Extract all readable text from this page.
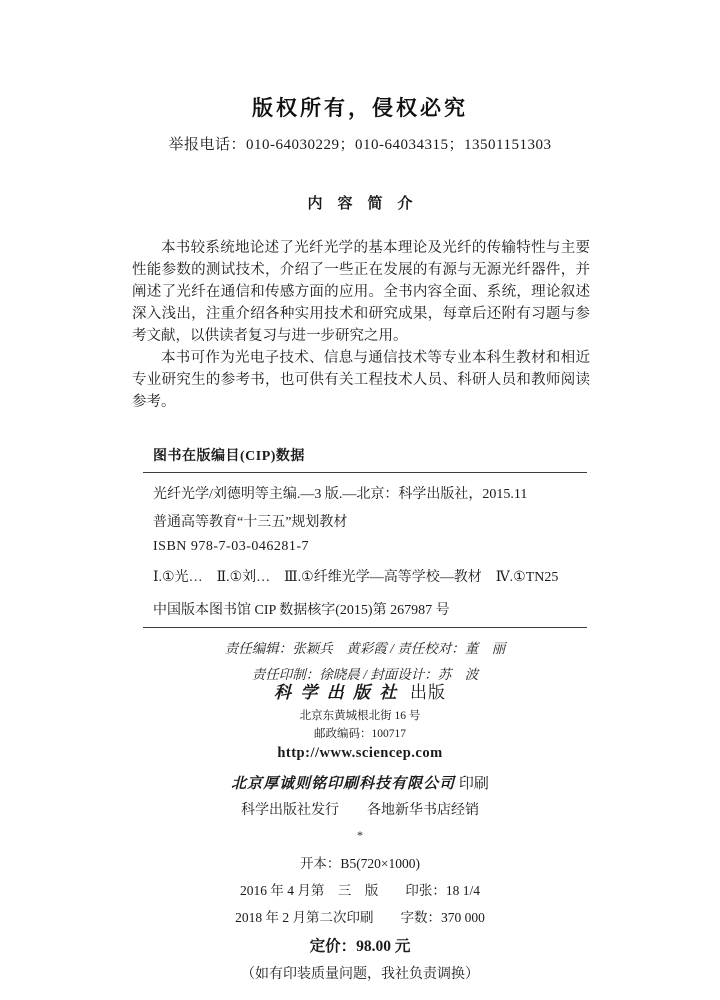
版权所有，侵权必究
举报电话：010-64030229；010-64034315；13501151303
内　容　简　介

本书较系统地论述了光纤光学的基本理论及光纤的传输特性与主要性能参数的测试技术，介绍了一些正在发展的有源与无源光纤器件，并阐述了光纤在通信和传感方面的应用。全书内容全面、系统，理论叙述深入浅出，注重介绍各种实用技术和研究成果，每章后还附有习题与参考文献，以供读者复习与进一步研究之用。

本书可作为光电子技术、信息与通信技术等专业本科生教材和相近专业研究生的参考书，也可供有关工程技术人员、科研人员和教师阅读参考。

图书在版编目(CIP)数据
光纤光学/刘德明等主编.—3 版.—北京：科学出版社，2015.11
普通高等教育“十三五”规划教材
ISBN 978-7-03-046281-7
Ⅰ.①光…　Ⅱ.①刘…　Ⅲ.①纤维光学—高等学校—教材　Ⅳ.①TN25
中国版本图书馆 CIP 数据核字(2015)第 267987 号
责任编辑：张颖兵　黄彩霞 / 责任校对：董　丽
责任印制：徐晓晨 / 封面设计：苏　波
科学出版社 出版
北京东黄城根北街 16 号
邮政编码：100717
http://www.sciencep.com
北京厚诚则铭印刷科技有限公司 印刷
科学出版社发行　　各地新华书店经销
*
开本：B5(720×1000)
2016 年 4 月第　三　版　　印张：18 1/4
2018 年 2 月第二次印刷　　字数：370 000
定价：98.00 元
（如有印装质量问题，我社负责调换）
